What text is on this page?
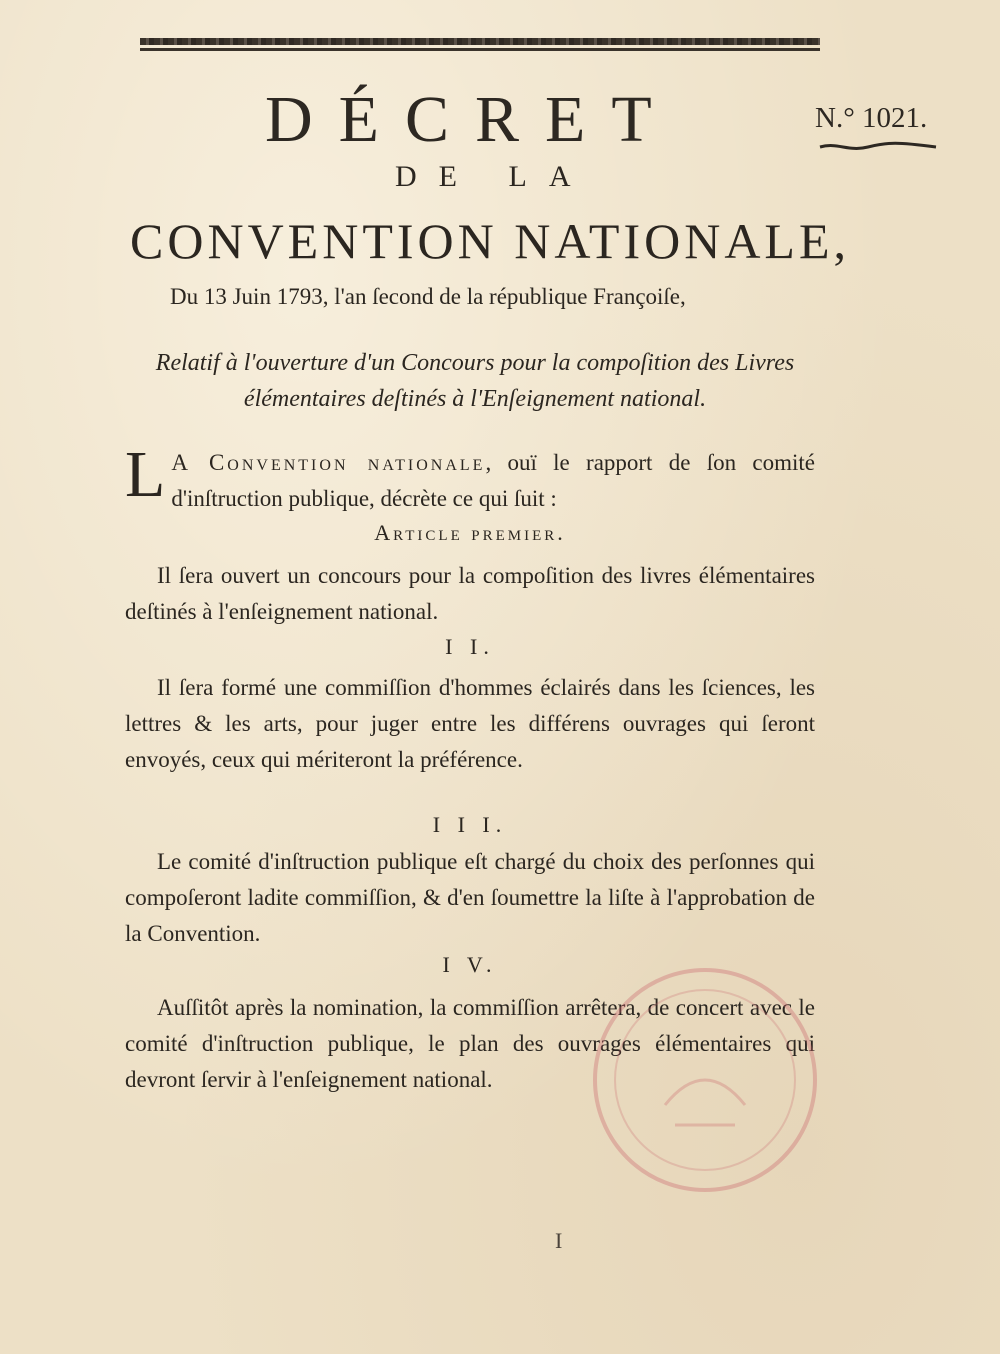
DÉCRET	N.° 1021.
DE LA
CONVENTION NATIONALE,
Du 13 Juin 1793, l'an ſecond de la république Françoiſe,
Relatif à l'ouverture d'un Concours pour la compoſition des Livres élémentaires deſtinés à l'Enſeignement national.
L A Convention nationale, ouï le rapport de ſon comité d'inſtruction publique, décrète ce qui ſuit :
Article premier.
Il ſera ouvert un concours pour la compoſition des livres élémentaires deſtinés à l'enſeignement national.
I I.
Il ſera formé une commiſſion d'hommes éclairés dans les ſciences, les lettres & les arts, pour juger entre les différens ouvrages qui ſeront envoyés, ceux qui mériteront la préférence.
I I I.
Le comité d'inſtruction publique eſt chargé du choix des perſonnes qui compoſeront ladite commiſſion, & d'en ſoumettre la liſte à l'approbation de la Convention.
I V.
Auſſitôt après la nomination, la commiſſion arrêtera, de concert avec le comité d'inſtruction publique, le plan des ouvrages élémentaires qui devront ſervir à l'enſeignement national.
I
